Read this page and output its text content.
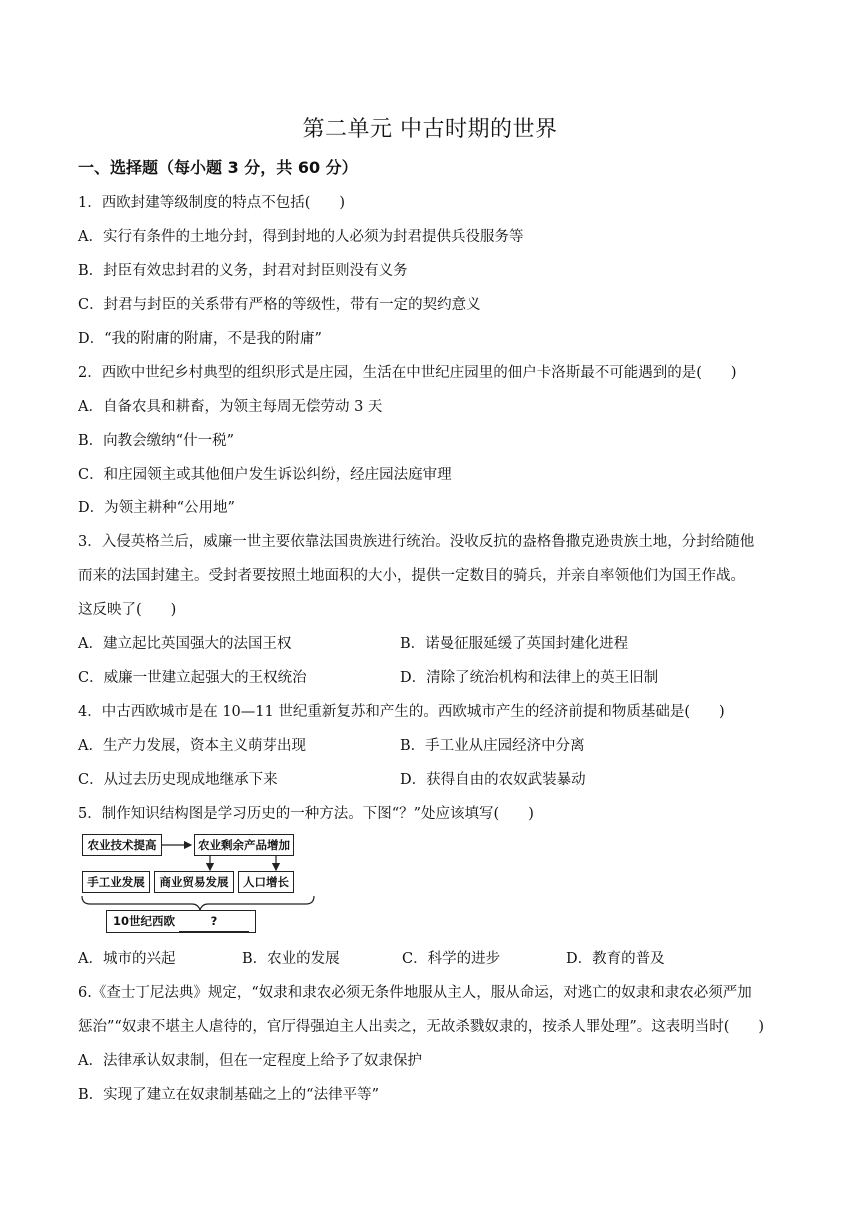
第二单元 中古时期的世界
一、选择题（每小题 3 分，共 60 分）
1．西欧封建等级制度的特点不包括(　　)
A．实行有条件的土地分封，得到封地的人必须为封君提供兵役服务等
B．封臣有效忠封君的义务，封君对封臣则没有义务
C．封君与封臣的关系带有严格的等级性，带有一定的契约意义
D．“我的附庸的附庸，不是我的附庸”
2．西欧中世纪乡村典型的组织形式是庄园，生活在中世纪庄园里的佃户卡洛斯最不可能遇到的是(　　)
A．自备农具和耕畜，为领主每周无偿劳动 3 天
B．向教会缴纳“什一税”
C．和庄园领主或其他佃户发生诉讼纠纷，经庄园法庭审理
D．为领主耕种“公用地”
3．入侵英格兰后，威廉一世主要依靠法国贵族进行统治。没收反抗的盎格鲁撒克逊贵族土地，分封给随他
而来的法国封建主。受封者要按照土地面积的大小，提供一定数目的骑兵，并亲自率领他们为国王作战。
这反映了(　　)
A．建立起比英国强大的法国王权	B．诺曼征服延缓了英国封建化进程
C．威廉一世建立起强大的王权统治	D．清除了统治机构和法律上的英王旧制
4．中古西欧城市是在 10—11 世纪重新复苏和产生的。西欧城市产生的经济前提和物质基础是(　　)
A．生产力发展，资本主义萌芽出现	B．手工业从庄园经济中分离
C．从过去历史现成地继承下来	D．获得自由的农奴武装暴动
5．制作知识结构图是学习历史的一种方法。下图“？”处应该填写(　　)
农业技术提高	农业剩余产品增加
手工业发展	商业贸易发展	人口增长
10世纪西欧	?
A．城市的兴起	B．农业的发展	C．科学的进步	D．教育的普及
6.《查士丁尼法典》规定，“奴隶和隶农必须无条件地服从主人，服从命运，对逃亡的奴隶和隶农必须严加
惩治”“奴隶不堪主人虐待的，官厅得强迫主人出卖之，无故杀戮奴隶的，按杀人罪处理”。这表明当时(　　)
A．法律承认奴隶制，但在一定程度上给予了奴隶保护
B．实现了建立在奴隶制基础之上的“法律平等”
